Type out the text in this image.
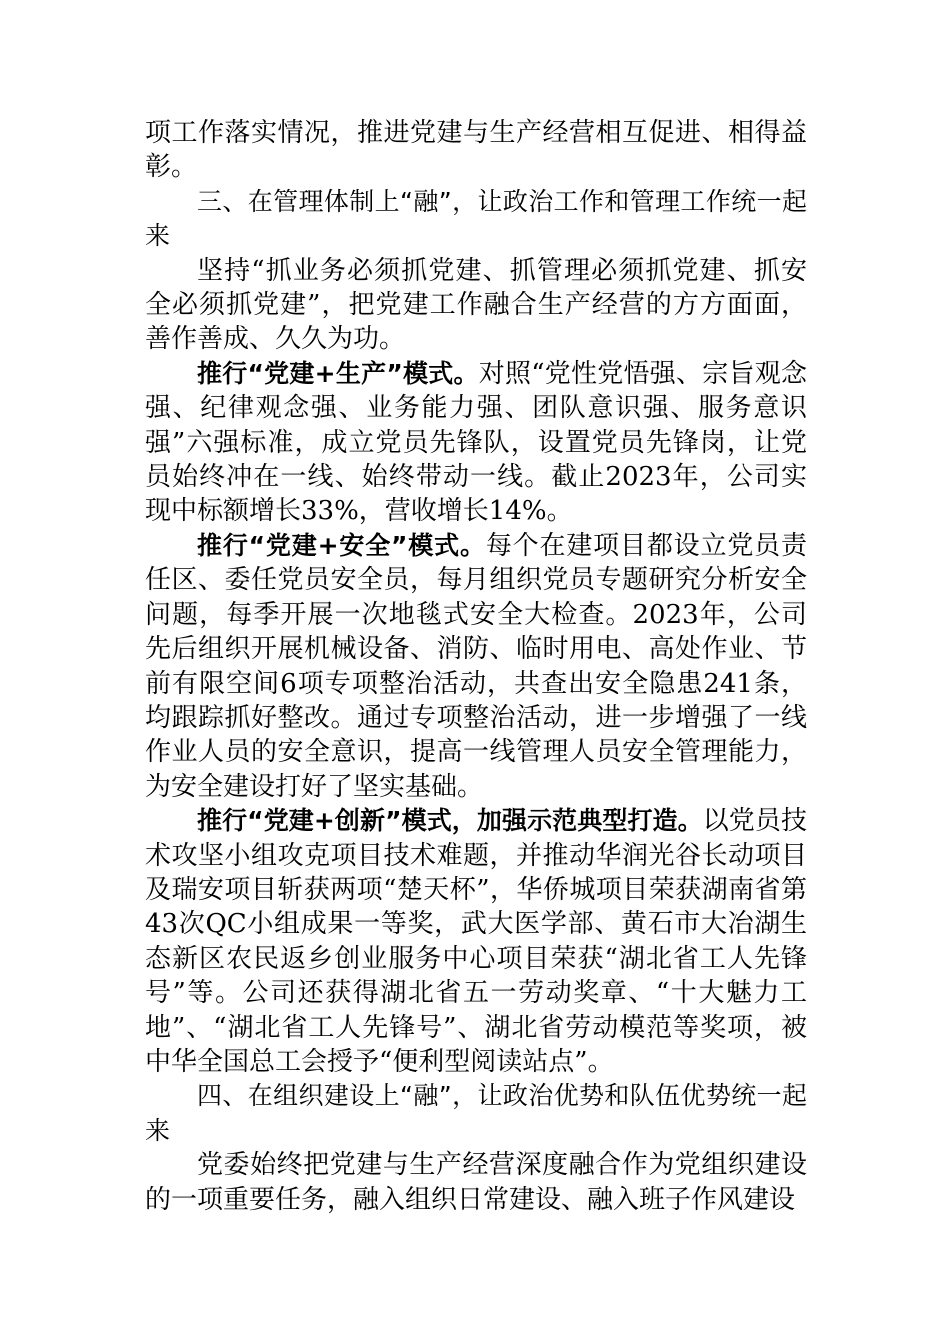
项工作落实情况，推进党建与生产经营相互促进、相得益彰。

三、在管理体制上“融”，让政治工作和管理工作统一起来

坚持“抓业务必须抓党建、抓管理必须抓党建、抓安全必须抓党建”，把党建工作融合生产经营的方方面面，善作善成、久久为功。

推行“党建+生产”模式。对照“党性党悟强、宗旨观念强、纪律观念强、业务能力强、团队意识强、服务意识强”六强标准，成立党员先锋队，设置党员先锋岗，让党员始终冲在一线、始终带动一线。截止2023年，公司实现中标额增长33%，营收增长14%。

推行“党建+安全”模式。每个在建项目都设立党员责任区、委任党员安全员，每月组织党员专题研究分析安全问题，每季开展一次地毯式安全大检查。2023年，公司先后组织开展机械设备、消防、临时用电、高处作业、节前有限空间6项专项整治活动，共查出安全隐患241条，均跟踪抓好整改。通过专项整治活动，进一步增强了一线作业人员的安全意识，提高一线管理人员安全管理能力，为安全建设打好了坚实基础。

推行“党建+创新”模式，加强示范典型打造。以党员技术攻坚小组攻克项目技术难题，并推动华润光谷长动项目及瑞安项目斩获两项“楚天杯”，华侨城项目荣获湖南省第43次QC小组成果一等奖，武大医学部、黄石市大冶湖生态新区农民返乡创业服务中心项目荣获“湖北省工人先锋号”等。公司还获得湖北省五一劳动奖章、“十大魅力工地”、“湖北省工人先锋号”、湖北省劳动模范等奖项，被中华全国总工会授予“便利型阅读站点”。

四、在组织建设上“融”，让政治优势和队伍优势统一起来

党委始终把党建与生产经营深度融合作为党组织建设的一项重要任务，融入组织日常建设、融入班子作风建设
